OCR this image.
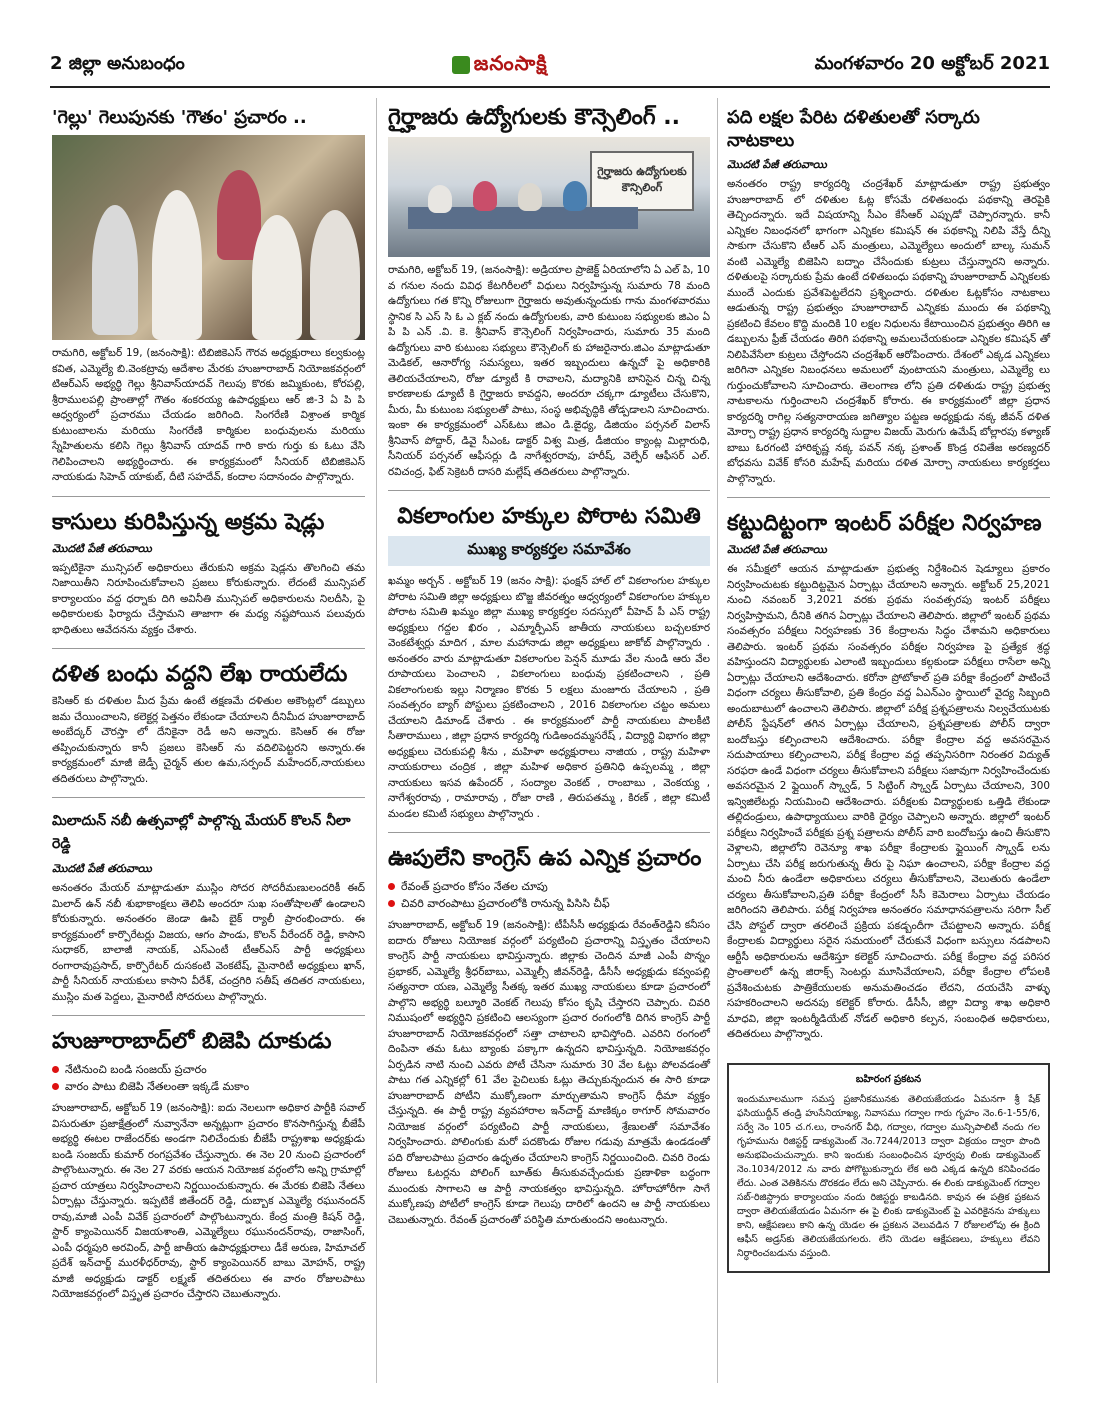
2 జిల్లా అనుబంధం	జనంసాక్షి	మంగళవారం 20 అక్టోబర్ 2021
'గెల్లు' గెలుపునకు 'గౌతం' ప్రచారం ..

రామగిరి, అక్టోబర్ 19, (జనంసాక్షి): టిబిజికెఎస్ గౌరవ అధ్యక్షురాలు కల్వకుంట్ల కవిత, ఎమ్మెల్యే బి.వెంకట్రావు ఆదేశాల మేరకు హుజూరాబాద్ నియోజకవర్గంలో టిఆర్ఎస్ అభ్యర్థి గెల్లు శ్రీనివాస్‌యాదవ్ గెలుపు కొరకు జమ్మికుంట, కోరపల్లి, శ్రీరాములపల్లి ప్రాంతాల్లో గౌతం శంకరయ్య ఉపాధ్యక్షులు ఆర్ జి-3 ఏ పి పి ఆధ్వర్యంలో ప్రచారము చేయడం జరిగింది. సింగరేణి విశ్రాంత కార్మిక కుటుంబాలను మరియు సింగరేణి కార్మికుల బంధువులను మరియు స్నేహితులను కలిసి గెల్లు శ్రీనివాస్ యాదవ్ గారి కారు గుర్తు కు ఓటు వేసి గెలిపించాలని అభ్యర్థించారు. ఈ కార్యక్రమంలో సీనియర్ టిబిజికెఎస్ నాయకుడు సిహెచ్ యాకుబ్, దీటి సహదేవ్, కందాల సదానందం పాల్గొన్నారు.

కాసులు కురిపిస్తున్న అక్రమ షెడ్లు
మొదటి పేజీ తరువాయి

ఇప్పటికైనా మున్సిపల్ అధికారులు తేరుకుని అక్రమ షెడ్లను తొలగించి తమ నిజాయితీని నిరూపించుకోవాలని ప్రజలు కోరుకున్నారు. లేదంటే మున్సిపల్ కార్యాలయం వద్ద ధర్నాకు దిగి అవినీతి మున్సిపల్ అధికారులను నిలదీసి, పై అధికారులకు ఫిర్యాదు చేస్తామని తాజాగా ఈ మధ్య నష్టపోయిన పలువురు భాధితులు ఆవేదనను వ్యక్తం చేశారు.

దళిత బంధు వద్దని లేఖ రాయలేదు

కెసిఆర్ కు దళితుల మీద ప్రేమ ఉంటే తక్షణమే దళితుల అకౌంట్లలో డబ్బులు జమ చేయించాలని, కలెక్టర్ల పెత్తనం లేకుండా చేయాలని దీనిమీద హుజూరాబాద్ అంబేద్కర్ చౌరస్తా లో దేనికైనా రెడీ అని అన్నారు. కెసిఆర్ ఈ రోజు తప్పించుకున్నారు కానీ ప్రజలు కెసిఆర్ ను వదిలిపెట్టరని అన్నారు.ఈ కార్యక్రమంలో మాజీ జెడ్పీ చైర్మన్ తుల ఉమ,సర్పంచ్ మహేందర్,నాయకులు తదితరులు పాల్గొన్నారు.

మిలాదున్ నబీ ఉత్సవాల్లో పాల్గొన్న మేయర్ కొలన్ నీలా రెడ్డి
మొదటి పేజీ తరువాయి

అనంతరం మేయర్ మాట్లాడుతూ ముస్లిం సోదర సోదరీమణులందరికీ ఈద్ మిలాద్ ఉన్ నబీ శుభాకాంక్షలు తెలిపి అందరూ సుఖ సంతోషాలతో ఉండాలని కోరుకున్నారు. అనంతరం జెండా ఊపి బైక్ ర్యాలీ ప్రారంభించారు. ఈ కార్యక్రమంలో కార్పొరేటర్లు విజయ, ఆగం పాండు, కొలన్ వీరేందర్ రెడ్డి, కాసాని సుధాకర్, బాలాజీ నాయక్, ఎస్ఎంటీ టీఆర్ఎస్ పార్టీ అధ్యక్షులు రంగారావుప్రసాద్, కార్పొరేటర్ దుసకంటి వెంకటేష్, మైనారిటీ అధ్యక్షులు ఖాన్, పార్టీ సీనియర్ నాయకులు కాసాని వీరేశ్, చంద్రగిరి సతీష్ తదితర నాయకులు, ముస్లిం మత పెద్దలు, మైనారిటీ సోదరులు పాల్గొన్నారు.

హుజూరాబాద్‌లో బిజెపి దూకుడు
నేటినుంచి బండి సంజయ్ ప్రచారం
వారం పాటు బిజెపి నేతలంతా ఇక్కడే మకాం

హుజూరాబాద్, అక్టోబర్ 19 (జనంసాక్షి): ఐదు నెలలుగా అధికార పార్టీకి సవాల్ విసురుతూ ప్రజాక్షేత్రంలో నువ్వానేనా అన్నట్లుగా ప్రచారం కొనసాగిస్తున్న బీజేపీ అభ్యర్థి ఈటల రాజేందర్‌కు అండగా నిలిచేందుకు బీజేపీ రాష్ట్రశాఖ అధ్యక్షుడు బండి సంజయ్ కుమార్ రంగప్రవేశం చేస్తున్నారు. ఈ నెల 20 నుంచి ప్రచారంలో పాల్గొంటున్నారు. ఈ నెల 27 వరకు ఆయన నియోజక వర్గంలోని అన్ని గ్రామాల్లో ప్రచార యాత్రలు నిర్వహించాలని నిర్ణయించుకున్నారు. ఈ మేరకు బిజెపి నేతలు ఏర్పాట్లు చేస్తున్నారు. ఇప్పటికే జితేందర్ రెడ్డి, దుబ్బాక ఎమ్మెల్యే రఘునందన్ రావు,మాజీ ఎంపీ వివేక్ ప్రచారంలో పాల్గొంటున్నారు. కేంద్ర మంత్రి కిషన్ రెడ్డి, స్టార్ క్యాంపెయినర్ విజయశాంతి, ఎమ్మెల్యేలు రఘునందన్‌రావు, రాజాసింగ్, ఎంపీ ధర్మపురి అరవింద్, పార్టీ జాతీయ ఉపాధ్యక్షురాలు డీకే అరుణ, హిమాచల్ ప్రదేశ్ ఇన్‌చార్జ్ మురళీధర్‌రావు, స్టార్ క్యాంపెయినర్ బాబు మోహన్, రాష్ట్ర మాజీ అధ్యక్షుడు డాక్టర్ లక్ష్మణ్ తదితరులు ఈ వారం రోజులపాటు నియోజకవర్గంలో విస్తృత ప్రచారం చేస్తారని చెబుతున్నారు.

గైర్హాజరు ఉద్యోగులకు కౌన్సెలింగ్ ..
గైర్హాజరు ఉద్యోగులకు కౌన్సిలింగ్

రామగిరి, అక్టోబర్ 19, (జనంసాక్షి): అడ్రియాల ప్రాజెక్ట్ ఏరియాలోని ఏ ఎల్ పి, 10 వ గనుల నందు వివిధ కేటగిరీలలో విధులు నిర్వహిస్తున్న సుమారు 78 మంది ఉద్యోగులు గత కొన్ని రోజులుగా గైర్హాజరు అవుతున్నందుకు గాను మంగళవారము స్థానిక సి ఎస్ సి ఓ ఎ క్లబ్ నందు ఉద్యోగులకు, వారి కుటుంబ సభ్యులకు జిఎం ఏ పి పి ఎన్ .వి. కె. శ్రీనివాస్ కౌన్సెలింగ్ నిర్వహించారు, సుమారు 35 మంది ఉద్యోగులు వారి కుటుంబ సభ్యులు కౌన్సెలింగ్ కు హాజరైనారు.జిఎం మాట్లాడుతూ మెడికల్, ఆనారోగ్య సమస్యలు, ఇతర ఇబ్బందులు ఉన్నచో పై అధికారికి తెలియచేయాలని, రోజు డ్యూటీ కి రావాలని, మద్యానికి బానిసైన చిన్న చిన్న కారణాలకు డ్యూటీ కి గైర్హాజరు కావద్దని, అందరూ చక్కగా డ్యూటీలు చేసుకొని, మీరు, మీ కుటుంబ సభ్యులతో పాటు, సంస్థ అభివృద్ధికి తోడ్పడాలని సూచించారు. ఇంకా ఈ కార్యక్రమంలో ఎస్ఓటు జిఎం డి.ఙైధ్య, డిజియం పర్సనల్ విలాస్ శ్రీనివాస్ పోద్దార్, డివై సీఎంఓ డాక్టర్ విశ్వ మిత్ర, డీజియం క్యాంట్ల మిల్లారుధి, సీనియర్ పర్సనల్ ఆఫీసర్లు డి నాగేశ్వరరావు, హరీష్, వెల్ఫేర్ ఆఫీసర్ ఎల్. రవిచంద్ర, ఫిట్ సెక్రెటరీ దాసరి మల్లేష్ తదితరులు పాల్గొన్నారు.

వికలాంగుల హక్కుల పోరాట సమితి
ముఖ్య కార్యకర్తల సమావేశం

ఖమ్మం అర్బన్ . అక్టోబర్ 19 (జనం సాక్షి): ఫంక్షన్ హాల్ లో వికలాంగుల హక్కుల పోరాట సమితి జిల్లా అధ్యక్షులు బొజ్జ జీవరత్నం ఆధ్వర్యంలో వికలాంగుల హక్కుల పోరాట సమితి ఖమ్మం జిల్లా ముఖ్య కార్యకర్తల సదస్సులో వీహెచ్ పీ ఎస్ రాష్ట్ర అధ్యక్షులు గద్దల ఖిరం , ఎమ్మార్పీఎస్ జాతీయ నాయకులు బచ్చలకూర వెంకటేశ్వర్లు మాదిగ , మాల మహానాడు జిల్లా అధ్యక్షులు జాకోబ్ పాల్గొన్నారు . అనంతరం వారు మాట్లాడుతూ వికలాంగుల పెన్షన్ మూడు వేల నుండి ఆరు వేల రూపాయలు పెంచాలని , వికలాంగులు బంధువు ప్రకటించాలని , ప్రతి వికలాంగులకు ఇల్లు నిర్మాణం కొరకు 5 లక్షలు మంజూరు చేయాలని , ప్రతి సంవత్సరం బ్యాగ్ పోస్టులు ప్రకటించాలని , 2016 వికలాంగుల చట్టం అమలు చేయాలని డిమాండ్ చేశారు . ఈ కార్యక్రమంలో పార్టీ నాయకులు పాలకీటి సీతారాములు , జిల్లా ప్రధాన కార్యదర్శి గుడిఅందమ్మసరేష్ , విద్యార్థి విభాగం జిల్లా అధ్యక్షులు చెరుకుపల్లి శీను , మహిళా అధ్యక్షురాలు నాజియ , రాష్ట్ర మహిళా నాయకురాలు చంద్రిక , జిల్లా మహిళ అధికార ప్రతినిధి ఉప్పలమ్మ , జిల్లా నాయకులు ఇసవ ఉపేందర్ , సంద్యాల వెంకట్ , రాంబాబు , వెంకయ్య , నాగేశ్వరరావు , రామారావు , రోజా రాణి , తిరుపతమ్మ , కిరణ్ , జిల్లా కమిటీ మండల కమిటీ సభ్యులు పాల్గొన్నారు .

ఊపులేని కాంగ్రెస్ ఉప ఎన్నిక ప్రచారం
రేవంత్ ప్రచారం కోసం నేతల చూపు
చివరి వారంపాటు ప్రచారంలోకి రానున్న పిసిసి చీఫ్

హుజూరాబాద్, అక్టోబర్ 19 (జనంసాక్షి): టీపీసీసీ అధ్యక్షుడు రేవంత్‌రెడ్డిని కనీసం ఐదారు రోజులు నియోజక వర్గంలో పర్యటించి ప్రచారాన్ని విస్తృతం చేయాలని కాంగ్రెస్ పార్టీ నాయకులు భావిస్తున్నారు. జిల్లాకు చెందిన మాజీ ఎంపీ పొన్నం ప్రభాకర్, ఎమ్మెల్యే శ్రీధర్‌బాబు, ఎమ్మెల్సీ జీవన్‌రెడ్డి, డీసీసీ అధ్యక్షుడు కవ్వంపల్లి సత్యనారా యణ, ఎమ్మెల్యే సీతక్క ఇతర ముఖ్య నాయకులు కూడా ప్రచారంలో పాల్గొని అభ్యర్థి బల్మూరి వెంకట్ గెలుపు కోసం కృషి చేస్తారని చెప్పారు. చివరి నిముషంలో అభ్యర్థిని ప్రకటించి ఆలస్యంగా ప్రచార రంగంలోకి దిగిన కాంగ్రెస్ పార్టీ హుజూరాబాద్ నియోజకవర్గంలో సత్తా చాటాలని భావిస్తోంది. ఎవరిని రంగంలో దింపినా తమ ఓటు బ్యాంకు పక్కాగా ఉన్నదని భావిస్తున్నది. నియోజకవర్గం ఏర్పడిన నాటి నుంచి ఎవరు పోటీ చేసినా సుమారు 30 వేల ఓట్లు పోలవడంతో పాటు గత ఎన్నికల్లో 61 వేల పైచిలుకు ఓట్లు తెచ్చుకున్నందున ఈ సారి కూడా హుజూరాబాద్ పోటీని ముక్కోణంగా మార్చుతామని కాంగ్రెస్ ధీమా వ్యక్తం చేస్తున్నది. ఈ పార్టీ రాష్ట్ర వ్యవహారాల ఇన్‌చార్జ్ మాణిక్కం ఠాగూర్ సోమవారం నియోజక వర్గంలో పర్యటించి పార్టీ నాయకులు, శ్రేణులతో సమావేశం నిర్వహించారు. పోలింగుకు మరో పదకొండు రోజుల గడువు మాత్రమే ఉండడంతో పది రోజులపాటు ప్రచారం ఉధృతం చేయాలని కాంగ్రెస్ నిర్ణయించింది. చివరి రెండు రోజులు ఓటర్లను పోలింగ్ బూత్‌కు తీసుకువచ్చేందుకు ప్రణాళికా బద్ధంగా ముందుకు సాగాలని ఆ పార్టీ నాయకత్వం భావిస్తున్నది. హోరాహోరీగా సాగే ముక్కోణపు పోటీలో కాంగ్రెస్ కూడా గెలుపు దారిలో ఉందని ఆ పార్టీ నాయకులు చెబుతున్నారు. రేవంత్ ప్రచారంతో పరిస్థితి మారుతుందని అంటున్నారు.

పది లక్షల పేరిట దళితులతో సర్కారు నాటకాలు
మొదటి పేజీ తరువాయి

అనంతరం రాష్ట్ర కార్యదర్శి చంద్రశేఖర్ మాట్లాడుతూ రాష్ట్ర ప్రభుత్వం హుజూరాబాద్ లో దళితుల ఓట్ల కోసమే దళితబంధు పథకాన్ని తెరపైకి తెచ్చిందన్నారు. ఇదే విషయాన్ని సీఎం కేసీఆర్ ఎప్పుడో చెప్పారన్నారు. కానీ ఎన్నికల నిబంధనలో భాగంగా ఎన్నికల కమిషన్ ఈ పథకాన్ని నిలిపి వేస్తే దీన్ని సాకుగా చేసుకొని టీఆర్ ఎస్ మంత్రులు, ఎమ్మెల్యేలు అందులో బాల్క సుమన్ వంటి ఎమ్మెల్యే బిజెపిని బద్నాం చేసేందుకు కుట్రలు చేస్తున్నారని అన్నారు. దళితులపై సర్కారుకు ప్రేమ ఉంటే దళితబంధు పథకాన్ని హుజూరాబాద్ ఎన్నికలకు ముందే ఎందుకు ప్రవేశపెట్టలేదని ప్రశ్నించారు. దళితుల ఓట్లకోసం నాటకాలు ఆడుతున్న రాష్ట్ర ప్రభుత్వం హుజూరాబాద్ ఎన్నికకు ముందు ఈ పథకాన్ని ప్రకటించి కేవలం కొద్ది మందికి 10 లక్షల నిధులను కేటాయించిన ప్రభుత్వం తిరిగి ఆ డబ్బులను ఫ్రీజ్ చేయడం తిరిగి పథకాన్ని అమలుచేయకుండా ఎన్నికల కమిషన్ తో నిలిపివేసేలా కుట్రలు చేస్తోందని చంద్రశేఖర్ ఆరోపించారు. దేశంలో ఎక్కడ ఎన్నికలు జరిగినా ఎన్నికల నిబంధనలు అమలులో వుంటాయని మంత్రులు, ఎమ్మెల్యే లు గుర్తుంచుకోవాలని సూచించారు. తెలంగాణ లోని ప్రతి దళితుడు రాష్ట్ర ప్రభుత్వ నాటకాలను గుర్తించాలని చంద్రశేఖర్ కోరారు. ఈ కార్యక్రమంలో జిల్లా ప్రధాన కార్యదర్శి రాగిల్ల సత్యనారాయణ జగిత్యాల పట్టణ అధ్యక్షుడు నక్క జీవన్ దళిత మోర్చా రాష్ట్ర ప్రధాన కార్యదర్శి సుద్దాల విజయ్ మెరుగు ఉమేష్ బోల్లారపు కళ్యాణ్ బాబు ఓరగంటి హారికృష్ణ నక్క పవన్ నక్క ప్రశాంత్ కొండ్ర రవితేజ అరణ్యదర్ బోధవసు వివేక్ కోసరి మహేష్ మరియు దళిత మోర్చా నాయకులు కార్యకర్తలు పాల్గొన్నారు.

కట్టుదిట్టంగా ఇంటర్ పరీక్షల నిర్వహణ
మొదటి పేజీ తరువాయి

ఈ సమీక్షలో ఆయన మాట్లాడుతూ ప్రభుత్వ నిర్దేశించిన షెడ్యూలు ప్రకారం నిర్వహించుటకు కట్టుదిట్టమైన ఏర్పాట్లు చేయాలని అన్నారు. అక్టోబర్ 25,2021 నుంచి నవంబర్ 3,2021 వరకు ప్రథమ సంవత్సరపు ఇంటర్ పరీక్షలు నిర్వహిస్తామని, దీనికి తగిన ఏర్పాట్లు చేయాలని తెలిపారు. జిల్లాలో ఇంటర్ ప్రథమ సంవత్సరం పరీక్షలు నిర్వహణకు 36 కేంద్రాలను సిద్ధం చేశామని అధికారులు తెలిపారు. ఇంటర్ ప్రథమ సంవత్సరం పరీక్షల నిర్వహణ పై ప్రత్యేక శ్రద్ధ వహిస్తుందని విద్యార్థులకు ఎలాంటి ఇబ్బందులు కల్గకుండా పరీక్షలు రాసేలా అన్ని ఏర్పాట్లు చేయాలని ఆదేశించారు. కరోనా ప్రోటోకాల్ ప్రతి పరీక్షా కేంద్రంలో పాటించే విధంగా చర్యలు తీసుకోవాలి, ప్రతి కేంద్రం వద్ద ఏఎన్ఎం స్థాయిలో వైద్య సిబ్బంది అందుబాటులో ఉంచాలని తెలిపారు. జిల్లాలో పరీక్ష ప్రశ్నపత్రాలను నిల్వచేయుటకు పోలీస్ స్టేషన్‌లో తగిన ఏర్పాట్లు చేయాలని, ప్రశ్నపత్రాలకు పోలీస్ ద్వారా బందోబస్తు కల్పించాలని ఆదేశించారు. పరీక్షా కేంద్రాల వద్ద అవసరమైన సదుపాయాలు కల్పించాలని, పరీక్ష కేంద్రాల వద్ద తప్పనిసరిగా నిరంతర విద్యుత్ సరఫరా ఉండే విధంగా చర్యలు తీసుకోవాలని పరీక్షలు సజావుగా నిర్వహించేందుకు అవసరమైన 2 ఫ్లైయింగ్ స్క్వాడ్, 5 సిట్టింగ్ స్క్వాడ్ ఏర్పాటు చేయాలని, 300 ఇన్విజిలేటర్లు నియమించి ఆదేశించారు. పరీక్షలకు విద్యార్థులకు ఒత్తిడి లేకుండా తల్లిదండ్రులు, ఉపాధ్యాయులు వారికి ధైర్యం చెప్పాలని అన్నారు. జిల్లాలో ఇంటర్ పరీక్షలు నిర్వహించే పరీక్షకు ప్రశ్న పత్రాలను పోలీస్ వారి బందోబస్తు ఉంచి తీసుకొని వెళ్లాలని, జిల్లాలోని రెవెన్యూ శాఖ పరీక్షా కేంద్రాలకు ఫ్లైయింగ్ స్క్వాడ్ లను ఏర్పాటు చేసి పరీక్ష జరుగుతున్న తీరు పై నిఘా ఉంచాలని, పరీక్షా కేంద్రాల వద్ద మంచి నీరు ఉండేలా అధికారులు చర్యలు తీసుకోవాలని, వెలుతురు ఉండేలా చర్యలు తీసుకోవాలని,ప్రతి పరీక్షా కేంద్రంలో సీసీ కెమెరాలు ఏర్పాటు చేయడం జరిగిందని తెలిపారు. పరీక్ష నిర్వహణ అనంతరం సమాధానపత్రాలను సరిగా సీల్ చేసి పోస్టల్ ద్వారా తరలించే ప్రక్రియ పకడ్బందీగా చేపట్టాలని అన్నారు. పరీక్ష కేంద్రాలకు విద్యార్థులు సరైన సమయంలో చేరుకునే విధంగా బస్సులు నడపాలని ఆర్టీసీ అధికారులను ఆదేశిస్తూ కలెక్టర్ సూచించారు. పరీక్ష కేంద్రాల వద్ద పరిసర ప్రాంతాలలో ఉన్న జిరాక్స్ సెంటర్లు మూసివేయాలని, పరీక్షా కేంద్రాల లోపలకి ప్రవేశించుటకు పాత్రికేయులకు అనుమతించడం లేదని, దయచేసి వాళ్ళు సహకరించాలని అదనపు కలెక్టర్ కోరారు. డీసీసీ, జిల్లా విద్యా శాఖ అధికారి మాధవి, జిల్లా ఇంటర్మీడియేట్ నోడల్ అధికారి కల్పన, సంబంధిత అధికారులు, తదితరులు పాల్గొన్నారు.

బహిరంగ ప్రకటన

ఇందుమూలముగా సమస్త ప్రజానీకమునకు తెలియజేయడం ఏమనగా శ్రీ షేక్ ఫసియుద్దీన్ తండ్రి హుసేనియాఖ్య, నివాసము గద్వాల గారు గృహం నెం.6-1-55/6, సర్వే నెం 105 చ.గ.లు, రాంనగర్ వీధి, గద్వాల, గద్వాల మున్సిపాలిటీ నందు గల గృహమును రిజిస్టర్డ్ డాక్యుమెంట్ నెం.7244/2013 ద్వారా విక్రయం ద్వారా పొంది అనుభవించుచున్నారు. కాని ఇందుకు సంబంధించిన పూర్వపు లింకు డాక్యుమెంట్ నెం.1034/2012 ను వారు పోగొట్టుకున్నారు లేక అది ఎక్కడ ఉన్నది కనిపించడం లేదు. ఎంత వెతికినను దొరకడం లేదు అని చెప్పినారు. ఈ లింకు డాక్యుమెంట్ గద్వాల సబ్-రిజిస్ట్రారు కార్యాలయం నందు రిజిస్టర్డు కాబడినది. కావున ఈ పత్రిక ప్రకటన ద్వారా తెలియజేయడం ఏమనగా ఈ పై లింకు డాక్యుమెంట్ పై ఎవరికైనను హక్కులు కాని, ఆక్షేపణలు కాని ఉన్న యెడల ఈ ప్రకటన వెలువడిన 7 రోజులలోపు ఈ క్రింది ఆఫీస్ అడ్రస్‌కు తెలియజేయగలరు. లేని యెడల ఆక్షేపణలు, హక్కులు లేవని నిర్ధారించబడును వస్తుంది.
